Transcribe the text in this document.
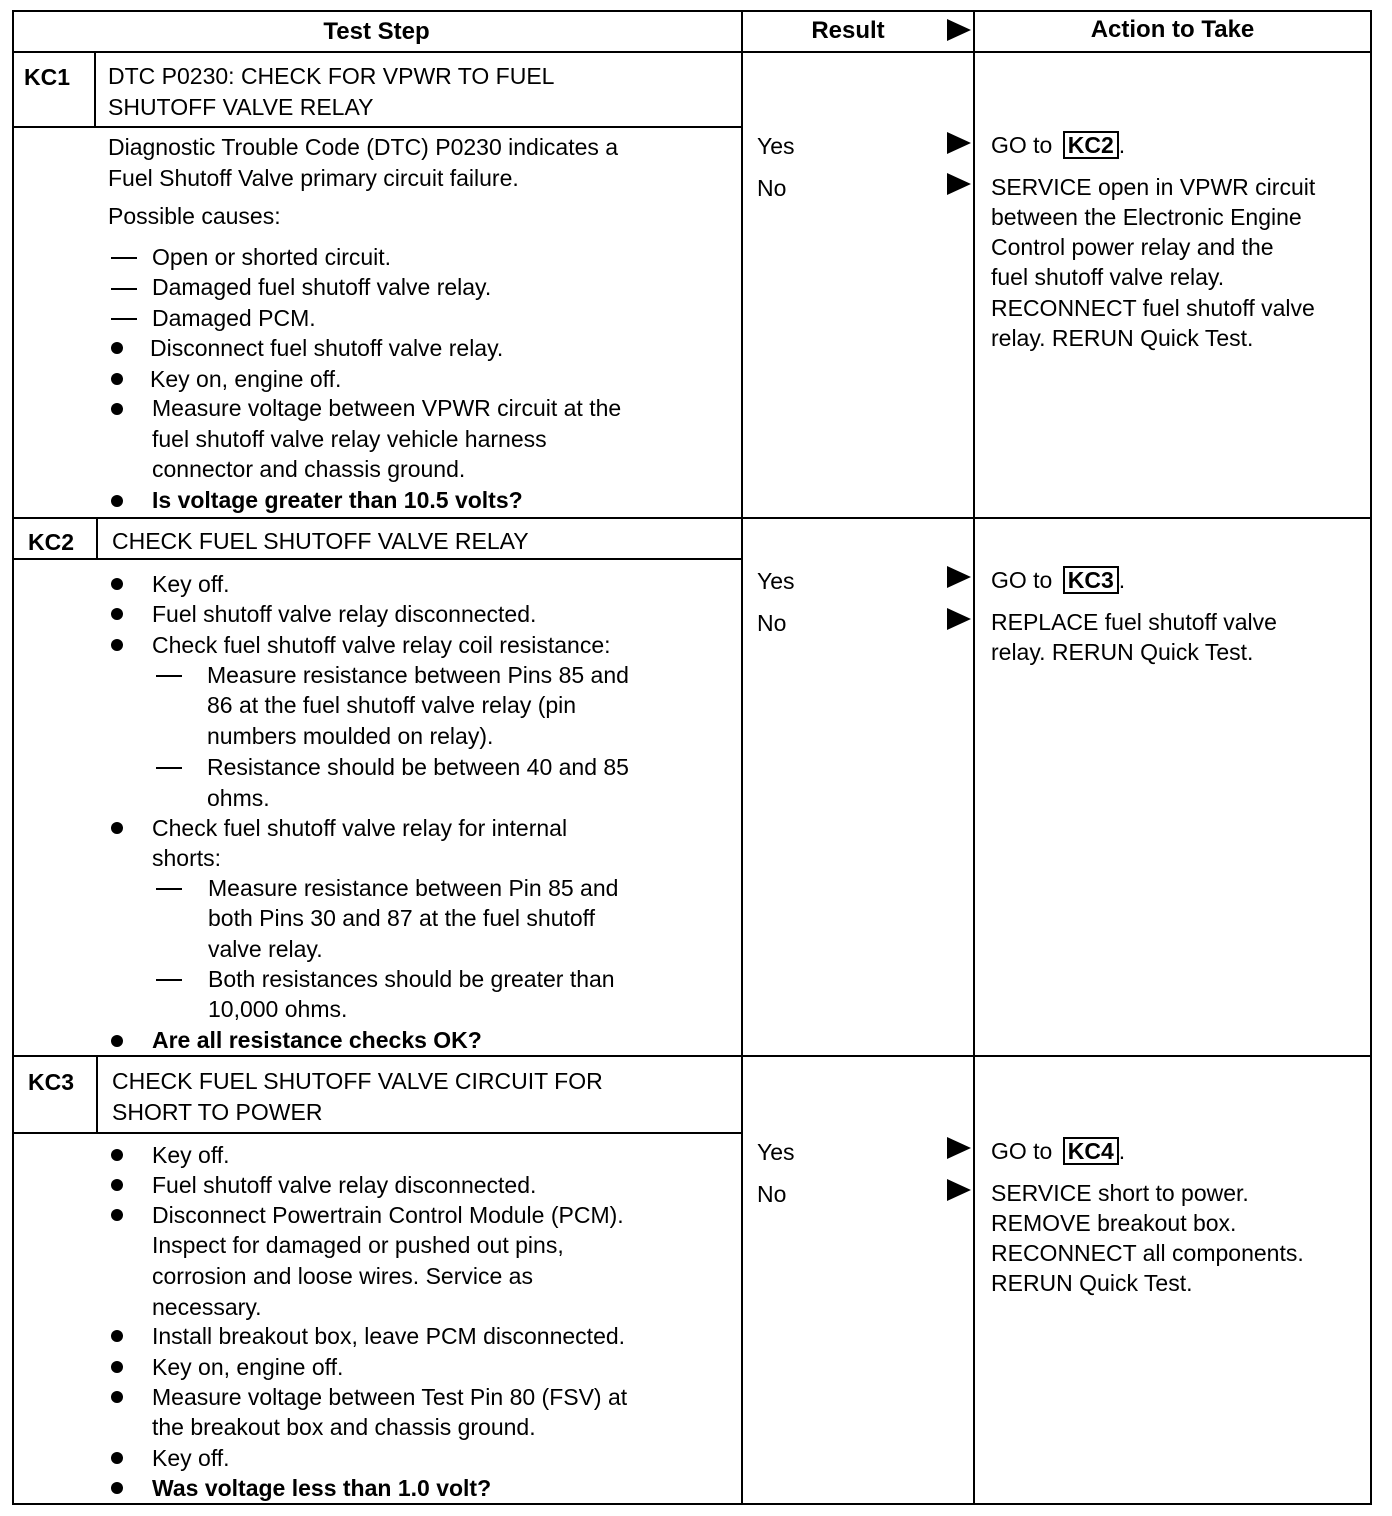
Test Step	Result	Action to Take
KC1 DTC P0230: CHECK FOR VPWR TO FUEL
SHUTOFF VALVE RELAY
Diagnostic Trouble Code (DTC) P0230 indicates a
Fuel Shutoff Valve primary circuit failure.
Possible causes:
Open or shorted circuit.
Damaged fuel shutoff valve relay.
Damaged PCM.
Disconnect fuel shutoff valve relay.
Key on, engine off.
Measure voltage between VPWR circuit at the
fuel shutoff valve relay vehicle harness
connector and chassis ground.
Is voltage greater than 10.5 volts?
Yes
No
GO to KC2 .
SERVICE open in VPWR circuit
between the Electronic Engine
Control power relay and the
fuel shutoff valve relay.
RECONNECT fuel shutoff valve
relay. RERUN Quick Test.
KC2 CHECK FUEL SHUTOFF VALVE RELAY
Key off.
Fuel shutoff valve relay disconnected.
Check fuel shutoff valve relay coil resistance:
Measure resistance between Pins 85 and
86 at the fuel shutoff valve relay (pin
numbers moulded on relay).
Resistance should be between 40 and 85
ohms.
Check fuel shutoff valve relay for internal
shorts:
Measure resistance between Pin 85 and
both Pins 30 and 87 at the fuel shutoff
valve relay.
Both resistances should be greater than
10,000 ohms.
Are all resistance checks OK?
Yes
No
GO to KC3 .
REPLACE fuel shutoff valve
relay. RERUN Quick Test.
KC3 CHECK FUEL SHUTOFF VALVE CIRCUIT FOR
SHORT TO POWER
Key off.
Fuel shutoff valve relay disconnected.
Disconnect Powertrain Control Module (PCM).
Inspect for damaged or pushed out pins,
corrosion and loose wires. Service as
necessary.
Install breakout box, leave PCM disconnected.
Key on, engine off.
Measure voltage between Test Pin 80 (FSV) at
the breakout box and chassis ground.
Key off.
Was voltage less than 1.0 volt?
Yes
No
GO to KC4 .
SERVICE short to power.
REMOVE breakout box.
RECONNECT all components.
RERUN Quick Test.
